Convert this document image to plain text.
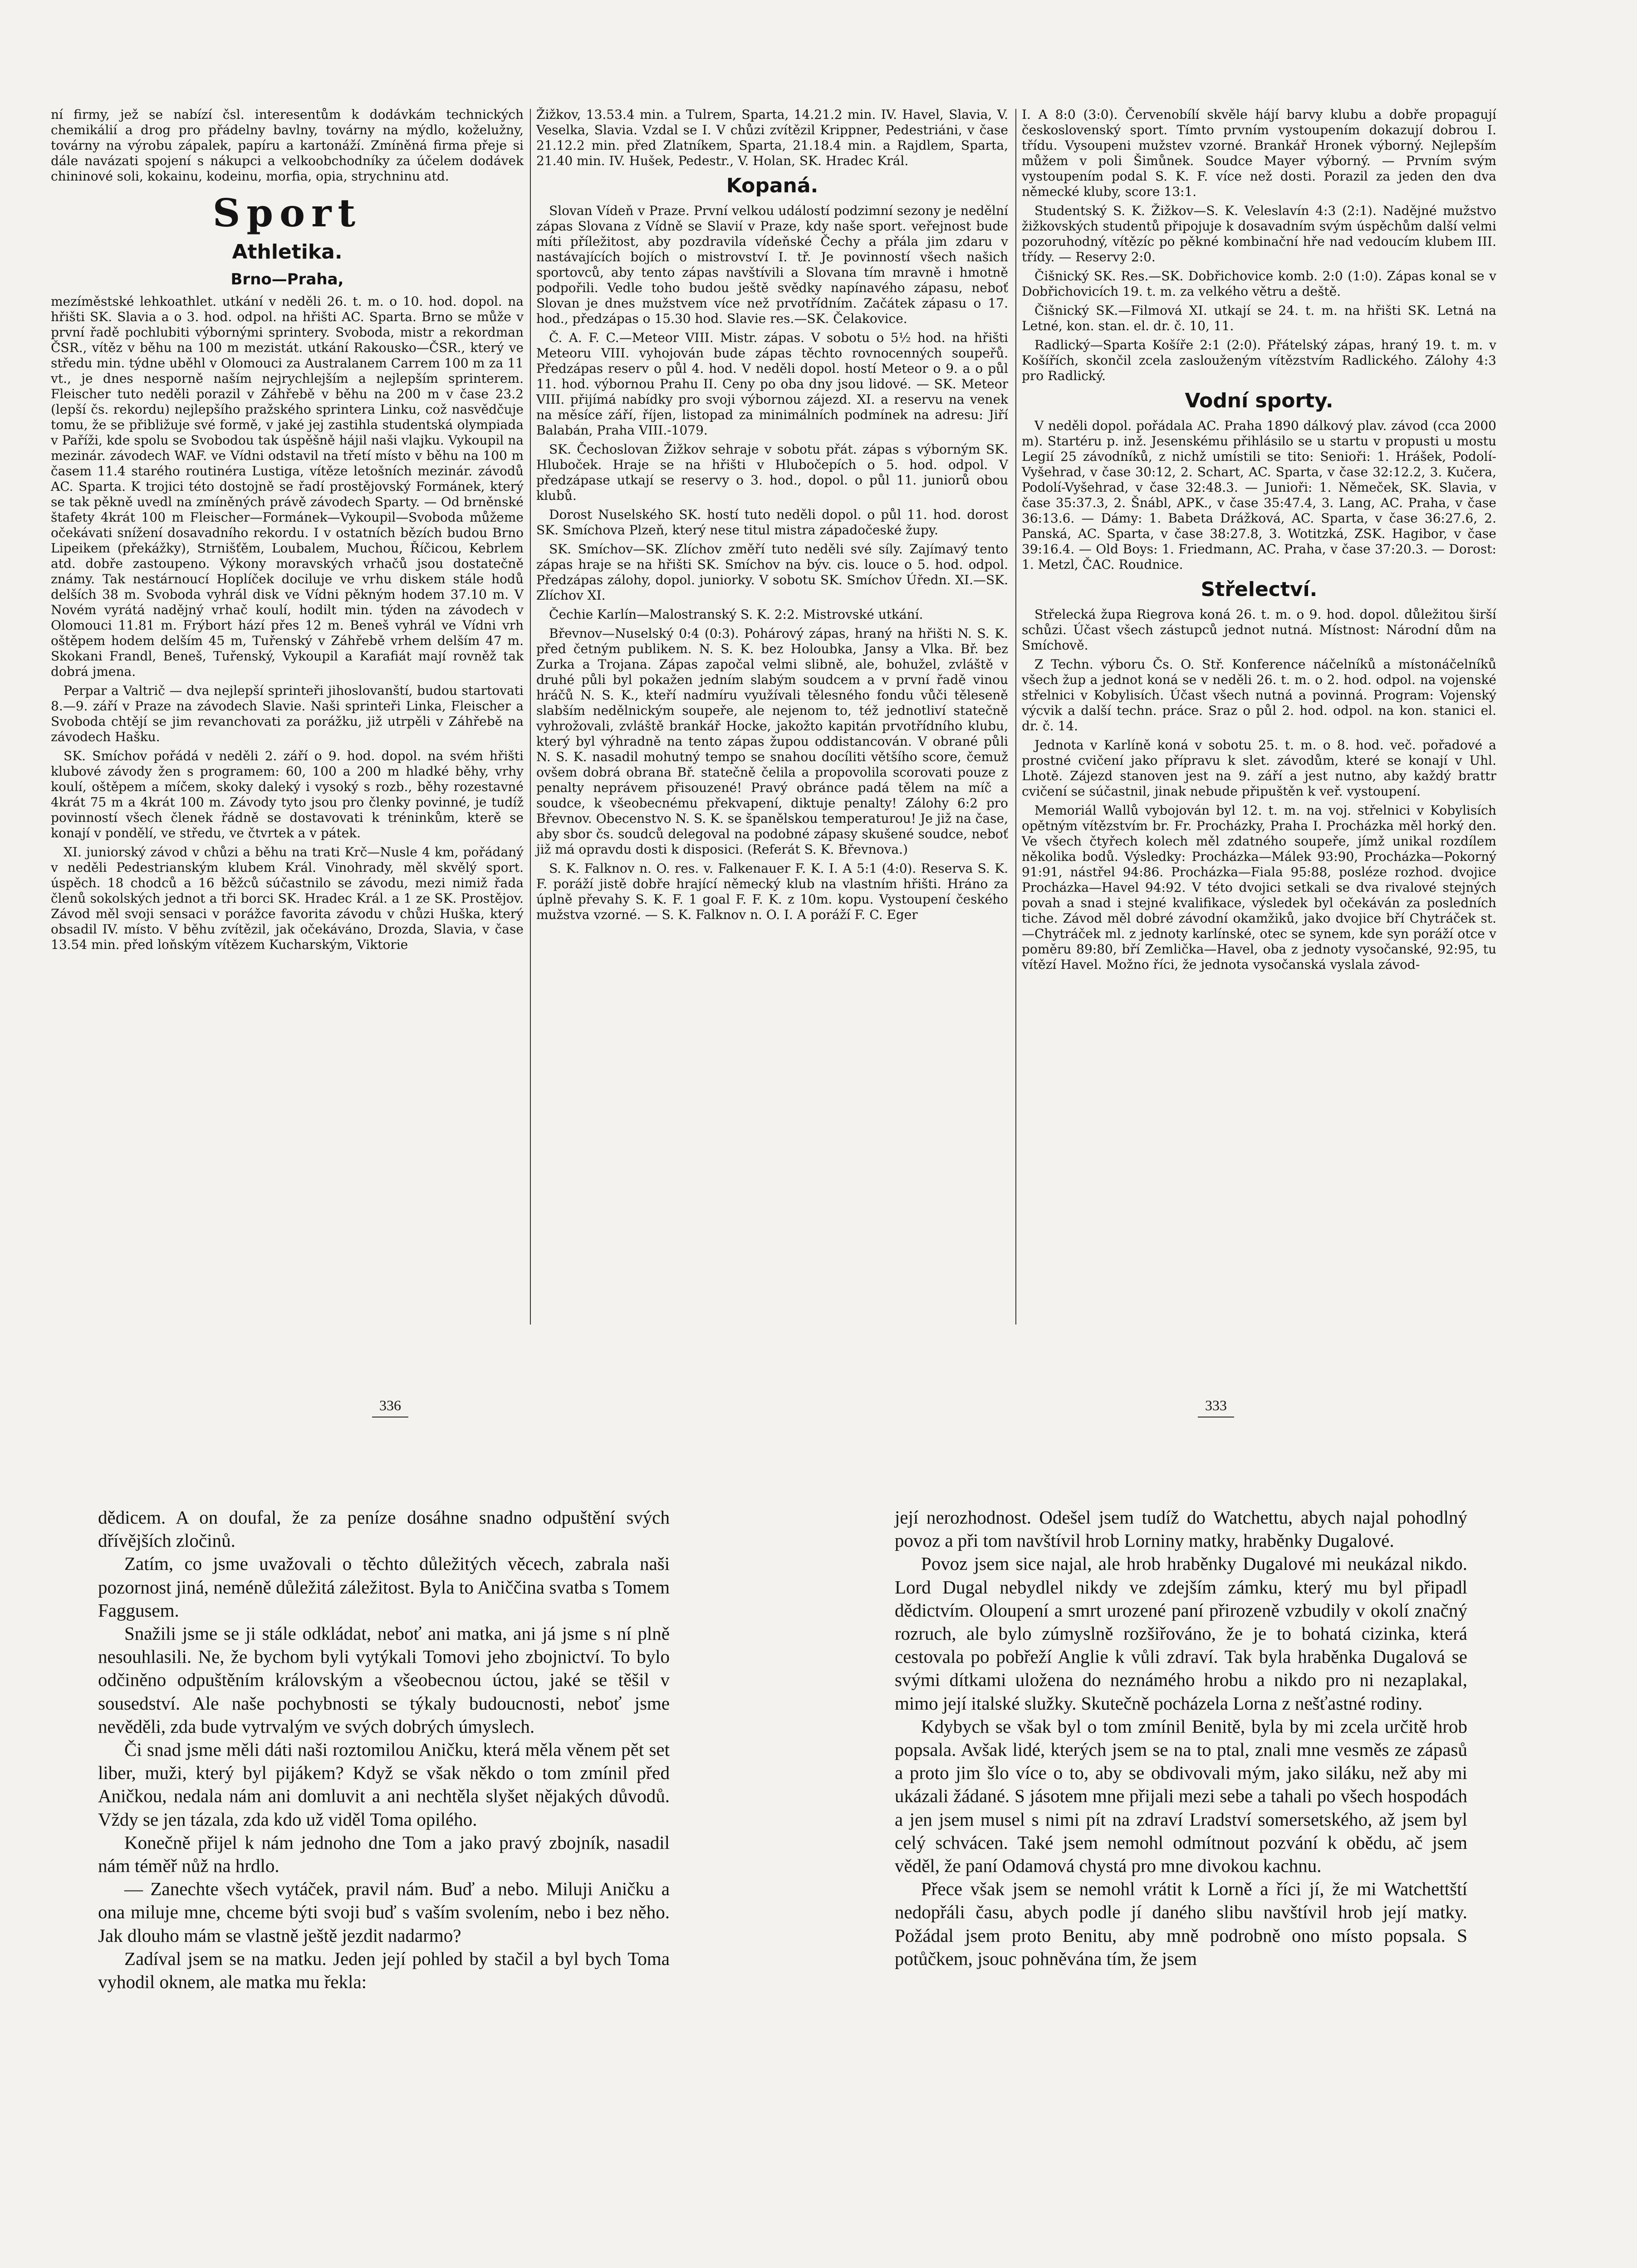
ní firmy, jež se nabízí čsl. interesentům k dodávkám technických chemikálií a drog pro přádelny bavlny, továrny na mýdlo, koželužny, továrny na výrobu zápalek, papíru a kartonáží. Zmíněná firma přeje si dále navázati spojení s nákupci a velkoobchodníky za účelem dodávek chininové soli, kokainu, kodeinu, morfia, opia, strychninu atd.

Sport
Athletika.
Brno—Praha,

mezíměstské lehkoathlet. utkání v neděli 26. t. m. o 10. hod. dopol. na hřišti SK. Slavia a o 3. hod. odpol. na hřišti AC. Sparta. Brno se může v první řadě pochlubiti výbornými sprintery. Svoboda, mistr a rekordman ČSR., vítěz v běhu na 100 m mezistát. utkání Rakousko—ČSR., který ve středu min. týdne uběhl v Olomouci za Australanem Carrem 100 m za 11 vt., je dnes nesporně naším nejrychlejším a nejlepším sprinterem. Fleischer tuto neděli porazil v Záhřebě v běhu na 200 m v čase 23.2 (lepší čs. rekordu) nejlepšího pražského sprintera Linku, což nasvědčuje tomu, že se přibližuje své formě, v jaké jej zastihla studentská olympiada v Paříži, kde spolu se Svobodou tak úspěšně hájil naši vlajku. Vykoupil na mezinár. závodech WAF. ve Vídni odstavil na třetí místo v běhu na 100 m časem 11.4 starého routinéra Lustiga, vítěze letošních mezinár. závodů AC. Sparta. K trojici této dostojně se řadí prostějovský Formánek, který se tak pěkně uvedl na zmíněných právě závodech Sparty. — Od brněnské štafety 4krát 100 m Fleischer—Formánek—Vykoupil—Svoboda můžeme očekávati snížení dosavadního rekordu. I v ostatních bězích budou Brno Lipeikem (překážky), Strnišťěm, Loubalem, Muchou, Říčicou, Kebrlem atd. dobře zastoupeno. Výkony moravských vrhačů jsou dostatečně známy. Tak nestárnoucí Hoplíček dociluje ve vrhu diskem stále hodů delších 38 m. Svoboda vyhrál disk ve Vídni pěkným hodem 37.10 m. V Novém vyrátá nadějný vrhač koulí, hodilt min. týden na závodech v Olomouci 11.81 m. Frýbort hází přes 12 m. Beneš vyhrál ve Vídni vrh oštěpem hodem delším 45 m, Tuřenský v Záhřebě vrhem delším 47 m. Skokani Frandl, Beneš, Tuřenský, Vykoupil a Karafiát mají rovněž tak dobrá jmena.

Perpar a Valtrič — dva nejlepší sprinteři jihoslovanští, budou startovati 8.—9. září v Praze na závodech Slavie. Naši sprinteři Linka, Fleischer a Svoboda chtějí se jim revanchovati za porážku, již utrpěli v Záhřebě na závodech Hašku.

SK. Smíchov pořádá v neděli 2. září o 9. hod. dopol. na svém hřišti klubové závody žen s programem: 60, 100 a 200 m hladké běhy, vrhy koulí, oštěpem a míčem, skoky daleký i vysoký s rozb., běhy rozestavné 4krát 75 m a 4krát 100 m. Závody tyto jsou pro členky povinné, je tudíž povinností všech členek řádně se dostavovati k tréninkům, kterě se konají v pondělí, ve středu, ve čtvrtek a v pátek.

XI. juniorský závod v chůzi a běhu na trati Krč—Nusle 4 km, pořádaný v neděli Pedestrianským klubem Král. Vinohrady, měl skvělý sport. úspěch. 18 chodců a 16 běžců súčastnilo se závodu, mezi nimiž řada členů sokolských jednot a tři borci SK. Hradec Král. a 1 ze SK. Prostějov. Závod měl svoji sensaci v porážce favorita závodu v chůzi Huška, který obsadil IV. místo. V běhu zvítězil, jak očekáváno, Drozda, Slavia, v čase 13.54 min. před loňským vítězem Kucharským, Viktorie

Žižkov, 13.53.4 min. a Tulrem, Sparta, 14.21.2 min. IV. Havel, Slavia, V. Veselka, Slavia. Vzdal se I. V chůzi zvítězil Krippner, Pedestriáni, v čase 21.12.2 min. před Zlatníkem, Sparta, 21.18.4 min. a Rajdlem, Sparta, 21.40 min. IV. Hušek, Pedestr., V. Holan, SK. Hradec Král.

Kopaná.

Slovan Vídeň v Praze. První velkou událostí podzimní sezony je nedělní zápas Slovana z Vídně se Slavií v Praze, kdy naše sport. veřejnost bude míti příležitost, aby pozdravila vídeňské Čechy a přála jim zdaru v nastávajících bojích o mistrovství I. tř. Je povinností všech našich sportovců, aby tento zápas navštívili a Slovana tím mravně i hmotně podpořili. Vedle toho budou ještě svědky napínavého zápasu, neboť Slovan je dnes mužstvem více než prvotřídním. Začátek zápasu o 17. hod., předzápas o 15.30 hod. Slavie res.—SK. Čelakovice.

Č. A. F. C.—Meteor VIII. Mistr. zápas. V sobotu o 5½ hod. na hřišti Meteoru VIII. vyhojován bude zápas těchto rovnocenných soupeřů. Předzápas reserv o půl 4. hod. V neděli dopol. hostí Meteor o 9. a o půl 11. hod. výbornou Prahu II. Ceny po oba dny jsou lidové. — SK. Meteor VIII. přijímá nabídky pro svoji výbornou zájezd. XI. a reservu na venek na měsíce září, říjen, listopad za minimálních podmínek na adresu: Jiří Balabán, Praha VIII.-1079.

SK. Čechoslovan Žižkov sehraje v sobotu přát. zápas s výborným SK. Hluboček. Hraje se na hřišti v Hlubočepích o 5. hod. odpol. V předzápase utkají se reservy o 3. hod., dopol. o půl 11. juniorů obou klubů.

Dorost Nuselského SK. hostí tuto neděli dopol. o půl 11. hod. dorost SK. Smíchova Plzeň, který nese titul mistra západočeské župy.

SK. Smíchov—SK. Zlíchov změří tuto neděli své síly. Zajímavý tento zápas hraje se na hřišti SK. Smíchov na býv. cis. louce o 5. hod. odpol. Předzápas zálohy, dopol. juniorky. V sobotu SK. Smíchov Úředn. XI.—SK. Zlíchov XI.

Čechie Karlín—Malostranský S. K. 2:2. Mistrovské utkání.

Břevnov—Nuselský 0:4 (0:3). Pohárový zápas, hraný na hřišti N. S. K. před četným publikem. N. S. K. bez Holoubka, Jansy a Vlka. Bř. bez Zurka a Trojana. Zápas započal velmi slibně, ale, bohužel, zvláště v druhé půli byl pokažen jedním slabým soudcem a v první řadě vinou hráčů N. S. K., kteří nadmíru využívali tělesného fondu vůči těleseně slabším nedělnickým soupeře, ale nejenom to, též jednotliví statečně vyhrožovali, zvláště brankář Hocke, jakožto kapitán prvotřídního klubu, který byl výhradně na tento zápas župou oddistancován. V obrané půli N. S. K. nasadil mohutný tempo se snahou docíliti většího score, čemuž ovšem dobrá obrana Bř. statečně čelila a propovolila scorovati pouze z penalty neprávem přisouzené! Pravý obránce padá tělem na míč a soudce, k všeobecnému překvapení, diktuje penalty! Zálohy 6:2 pro Břevnov. Obecenstvo N. S. K. se španělskou temperaturou! Je již na čase, aby sbor čs. soudců delegoval na podobné zápasy skušené soudce, neboť již má opravdu dosti k disposici. (Referát S. K. Břevnova.)

S. K. Falknov n. O. res. v. Falkenauer F. K. I. A 5:1 (4:0). Reserva S. K. F. poráží jistě dobře hrající německý klub na vlastním hřišti. Hráno za úplně převahy S. K. F. 1 goal F. F. K. z 10m. kopu. Vystoupení českého mužstva vzorné. — S. K. Falknov n. O. I. A poráží F. C. Eger

I. A 8:0 (3:0). Červenobílí skvěle hájí barvy klubu a dobře propagují československý sport. Tímto prvním vystoupením dokazují dobrou I. třídu. Vysoupeni mužstev vzorné. Brankář Hronek výborný. Nejlepším můžem v poli Šimůnek. Soudce Mayer výborný. — Prvním svým vystoupením podal S. K. F. více než dosti. Porazil za jeden den dva německé kluby, score 13:1.

Studentský S. K. Žižkov—S. K. Veleslavín 4:3 (2:1). Nadějné mužstvo žižkovských studentů připojuje k dosavadním svým úspěchům další velmi pozoruhodný, vítězíc po pěkné kombinační hře nad vedoucím klubem III. třídy. — Reservy 2:0.

Čišnický SK. Res.—SK. Dobřichovice komb. 2:0 (1:0). Zápas konal se v Dobřichovicích 19. t. m. za velkého větru a deště.

Čišnický SK.—Filmová XI. utkají se 24. t. m. na hřišti SK. Letná na Letné, kon. stan. el. dr. č. 10, 11.

Radlický—Sparta Košíře 2:1 (2:0). Přátelský zápas, hraný 19. t. m. v Košířích, skončil zcela zaslouženým vítězstvím Radlického. Zálohy 4:3 pro Radlický.

Vodní sporty.

V neděli dopol. pořádala AC. Praha 1890 dálkový plav. závod (cca 2000 m). Startéru p. inž. Jesenskému přihlásilo se u startu v propusti u mostu Legií 25 závodníků, z nichž umístili se tito: Senioři: 1. Hrášek, Podolí-Vyšehrad, v čase 30:12, 2. Schart, AC. Sparta, v čase 32:12.2, 3. Kučera, Podolí-Vyšehrad, v čase 32:48.3. — Junioři: 1. Němeček, SK. Slavia, v čase 35:37.3, 2. Šnábl, APK., v čase 35:47.4, 3. Lang, AC. Praha, v čase 36:13.6. — Dámy: 1. Babeta Drážková, AC. Sparta, v čase 36:27.6, 2. Panská, AC. Sparta, v čase 38:27.8, 3. Wotitzká, ZSK. Hagibor, v čase 39:16.4. — Old Boys: 1. Friedmann, AC. Praha, v čase 37:20.3. — Dorost: 1. Metzl, ČAC. Roudnice.

Střelectví.

Střelecká župa Riegrova koná 26. t. m. o 9. hod. dopol. důležitou širší schůzi. Účast všech zástupců jednot nutná. Místnost: Národní dům na Smíchově.

Z Techn. výboru Čs. O. Stř. Konference náčelníků a místonáčelníků všech žup a jednot koná se v neděli 26. t. m. o 2. hod. odpol. na vojenské střelnici v Kobylisích. Účast všech nutná a povinná. Program: Vojenský výcvik a další techn. práce. Sraz o půl 2. hod. odpol. na kon. stanici el. dr. č. 14.

Jednota v Karlíně koná v sobotu 25. t. m. o 8. hod. več. pořadové a prostné cvičení jako přípravu k slet. závodům, které se konají v Uhl. Lhotě. Zájezd stanoven jest na 9. září a jest nutno, aby každý brattr cvičení se súčastnil, jinak nebude připuštěn k veř. vystoupení.

Memoriál Wallů vybojován byl 12. t. m. na voj. střelnici v Kobylisích opětným vítězstvím br. Fr. Procházky, Praha I. Procházka měl horký den. Ve všech čtyřech kolech měl zdatného soupeře, jímž unikal rozdílem několika bodů. Výsledky: Procházka—Málek 93:90, Procházka—Pokorný 91:91, nástřel 94:86. Procházka—Fiala 95:88, posléze rozhod. dvojice Procházka—Havel 94:92. V této dvojici setkali se dva rivalové stejných povah a snad i stejné kvalifikace, výsledek byl očekáván za posledních tiche. Závod měl dobré závodní okamžiků, jako dvojice bří Chytráček st.—Chytráček ml. z jednoty karlínské, otec se synem, kde syn poráží otce v poměru 89:80, bří Zemlička—Havel, oba z jednoty vysočanské, 92:95, tu vítězí Havel. Možno říci, že jednota vysočanská vyslala závod-

336	333

dědicem. A on doufal, že za peníze dosáhne snadno odpuštění svých dřívějších zločinů.

Zatím, co jsme uvažovali o těchto důležitých věcech, zabrala naši pozornost jiná, neméně důležitá záležitost. Byla to Aniččina svatba s Tomem Faggusem.

Snažili jsme se ji stále odkládat, neboť ani matka, ani já jsme s ní plně nesouhlasili. Ne, že bychom byli vytýkali Tomovi jeho zbojnictví. To bylo odčiněno odpuštěním královským a všeobecnou úctou, jaké se těšil v sousedství. Ale naše pochybnosti se týkaly budoucnosti, neboť jsme nevěděli, zda bude vytrvalým ve svých dobrých úmyslech.

Či snad jsme měli dáti naši roztomilou Aničku, která měla věnem pět set liber, muži, který byl pijákem? Když se však někdo o tom zmínil před Aničkou, nedala nám ani domluvit a ani nechtěla slyšet nějakých důvodů. Vždy se jen tázala, zda kdo už viděl Toma opilého.

Konečně přijel k nám jednoho dne Tom a jako pravý zbojník, nasadil nám téměř nůž na hrdlo.

— Zanechte všech vytáček, pravil nám. Buď a nebo. Miluji Aničku a ona miluje mne, chceme býti svoji buď s vaším svolením, nebo i bez něho. Jak dlouho mám se vlastně ještě jezdit nadarmo?

Zadíval jsem se na matku. Jeden její pohled by stačil a byl bych Toma vyhodil oknem, ale matka mu řekla:

její nerozhodnost. Odešel jsem tudíž do Watchettu, abych najal pohodlný povoz a při tom navštívil hrob Lorniny matky, hraběnky Dugalové.

Povoz jsem sice najal, ale hrob hraběnky Dugalové mi neukázal nikdo. Lord Dugal nebydlel nikdy ve zdejším zámku, který mu byl připadl dědictvím. Oloupení a smrt urozené paní přirozeně vzbudily v okolí značný rozruch, ale bylo zúmyslně rozšiřováno, že je to bohatá cizinka, která cestovala po pobřeží Anglie k vůli zdraví. Tak byla hraběnka Dugalová se svými dítkami uložena do neznámého hrobu a nikdo pro ni nezaplakal, mimo její italské služky. Skutečně pocházela Lorna z nešťastné rodiny.

Kdybych se však byl o tom zmínil Benitě, byla by mi zcela určitě hrob popsala. Avšak lidé, kterých jsem se na to ptal, znali mne vesměs ze zápasů a proto jim šlo více o to, aby se obdivovali mým, jako siláku, než aby mi ukázali žádané. S jásotem mne přijali mezi sebe a tahali po všech hospodách a jen jsem musel s nimi pít na zdraví Lradství somersetského, až jsem byl celý schvácen. Také jsem nemohl odmítnout pozvání k obědu, ač jsem věděl, že paní Odamová chystá pro mne divokou kachnu.

Přece však jsem se nemohl vrátit k Lorně a říci jí, že mi Watchettští nedopřáli času, abych podle jí daného slibu navštívil hrob její matky. Požádal jsem proto Benitu, aby mně podrobně ono místo popsala. S potůčkem, jsouc pohněvána tím, že jsem
